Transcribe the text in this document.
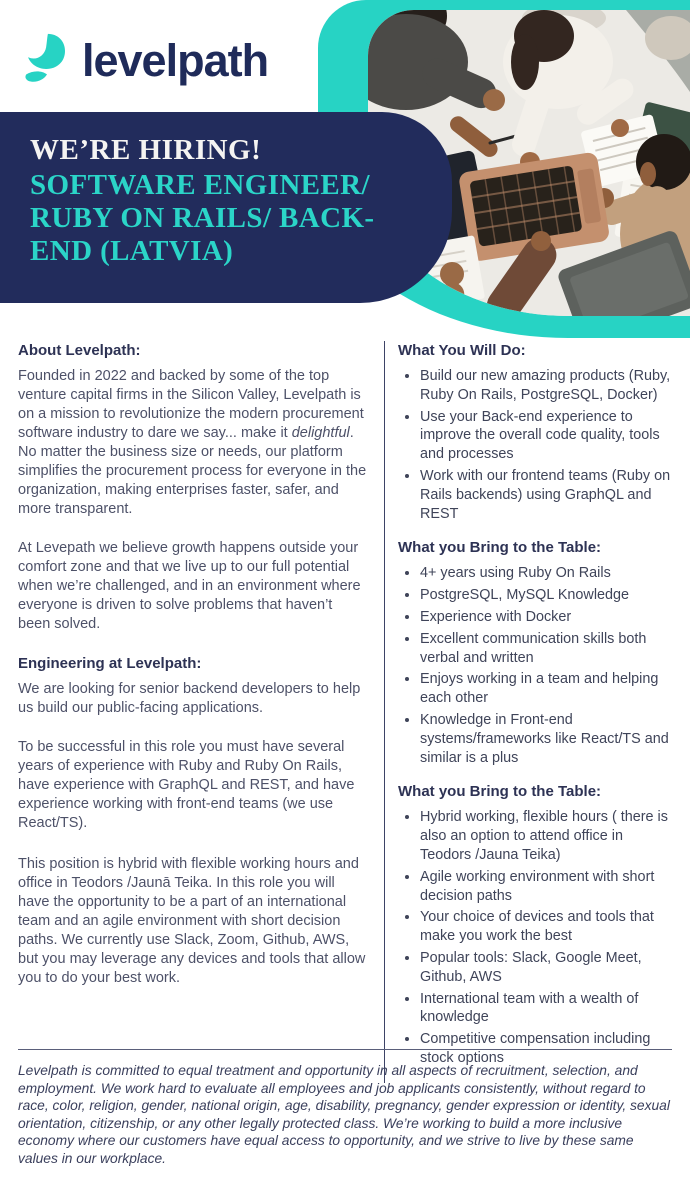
levelpath
WE’RE HIRING!
SOFTWARE ENGINEER/ RUBY ON RAILS/ BACK-END (LATVIA)
About Levelpath:

Founded in 2022 and backed by some of the top venture capital firms in the Silicon Valley, Levelpath is on a mission to revolutionize the modern procurement software industry to dare we say... make it delightful. No matter the business size or needs, our platform simplifies the procurement process for everyone in the organization, making enterprises faster, safer, and more transparent.

At Levepath we believe growth happens outside your comfort zone and that we live up to our full potential when we’re challenged, and in an environment where everyone is driven to solve problems that haven’t been solved.

Engineering at Levelpath:

We are looking for senior backend developers to help us build our public-facing applications.

To be successful in this role you must have several years of experience with Ruby and Ruby On Rails, have experience with GraphQL and REST, and have experience working with front-end teams (we use React/TS).

This position is hybrid with flexible working hours and office in Teodors /Jaunā Teika. In this role you will have the opportunity to be a part of an international team and an agile environment with short decision paths. We currently use Slack, Zoom, Github, AWS, but you may leverage any devices and tools that allow you to do your best work.

What You Will Do:
• Build our new amazing products (Ruby, Ruby On Rails, PostgreSQL, Docker)
• Use your Back-end experience to improve the overall code quality, tools and processes
• Work with our frontend teams (Ruby on Rails backends) using GraphQL and REST
What you Bring to the Table:
• 4+ years using Ruby On Rails
• PostgreSQL, MySQL Knowledge
• Experience with Docker
• Excellent communication skills both verbal and written
• Enjoys working in a team and helping each other
• Knowledge in Front-end systems/frameworks like React/TS and similar is a plus
What you Bring to the Table:
• Hybrid working, flexible hours ( there is also an option to attend office in Teodors /Jauna Teika)
• Agile working environment with short decision paths
• Your choice of devices and tools that make you work the best
• Popular tools: Slack, Google Meet, Github, AWS
• International team with a wealth of knowledge
• Competitive compensation including stock options

Levelpath is committed to equal treatment and opportunity in all aspects of recruitment, selection, and employment. We work hard to evaluate all employees and job applicants consistently, without regard to race, color, religion, gender, national origin, age, disability, pregnancy, gender expression or identity, sexual orientation, citizenship, or any other legally protected class. We’re working to build a more inclusive economy where our customers have equal access to opportunity, and we strive to live by these same values in our workplace.
